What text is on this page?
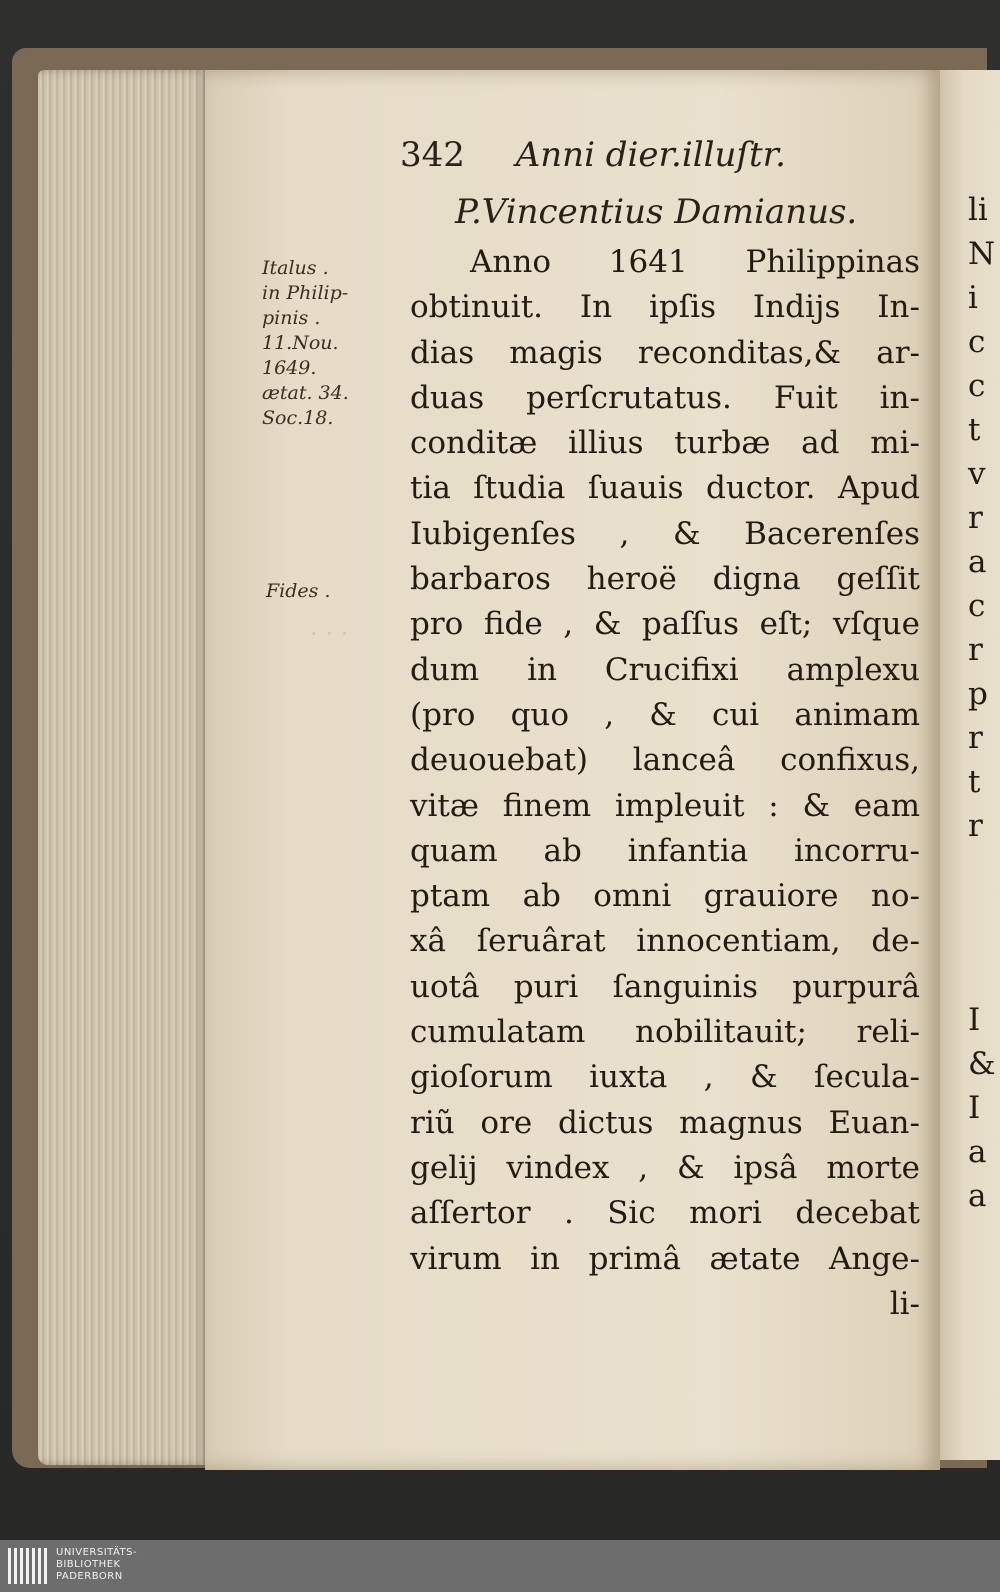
· · ·
342 Anni dier.illuſtr.
P.Vincentius Damianus.
Italus .
in Philip-
pinis .
11.Nou.
1649.
ætat. 34.
Soc.18.
Fides .
Anno 1641 Philippinas
obtinuit. In ipſis Indijs In-
dias magis reconditas,& ar-
duas perſcrutatus. Fuit in-
conditæ illius turbæ ad mi-
tia ſtudia ſuauis ductor. Apud
Iubigenſes , & Bacerenſes
barbaros heroë digna geſſit
pro fide , & paſſus eſt; vſque
dum in Crucifixi amplexu
(pro quo , & cui animam
deuouebat) lanceâ confixus,
vitæ finem impleuit : & eam
quam ab infantia incorru-
ptam ab omni grauiore no-
xâ ſeruârat innocentiam, de-
uotâ puri ſanguinis purpurâ
cumulatam nobilitauit; reli-
gioſorum iuxta , & ſecula-
riũ ore dictus magnus Euan-
gelij vindex , & ipsâ morte
aſſertor . Sic mori decebat
virum in primâ ætate Ange-
li-
li
N
i
c
c
t
v
r
a
c
r
p
r
t
r
I
&
I
a
a
UNIVERSITÄTS-
BIBLIOTHEK
PADERBORN
